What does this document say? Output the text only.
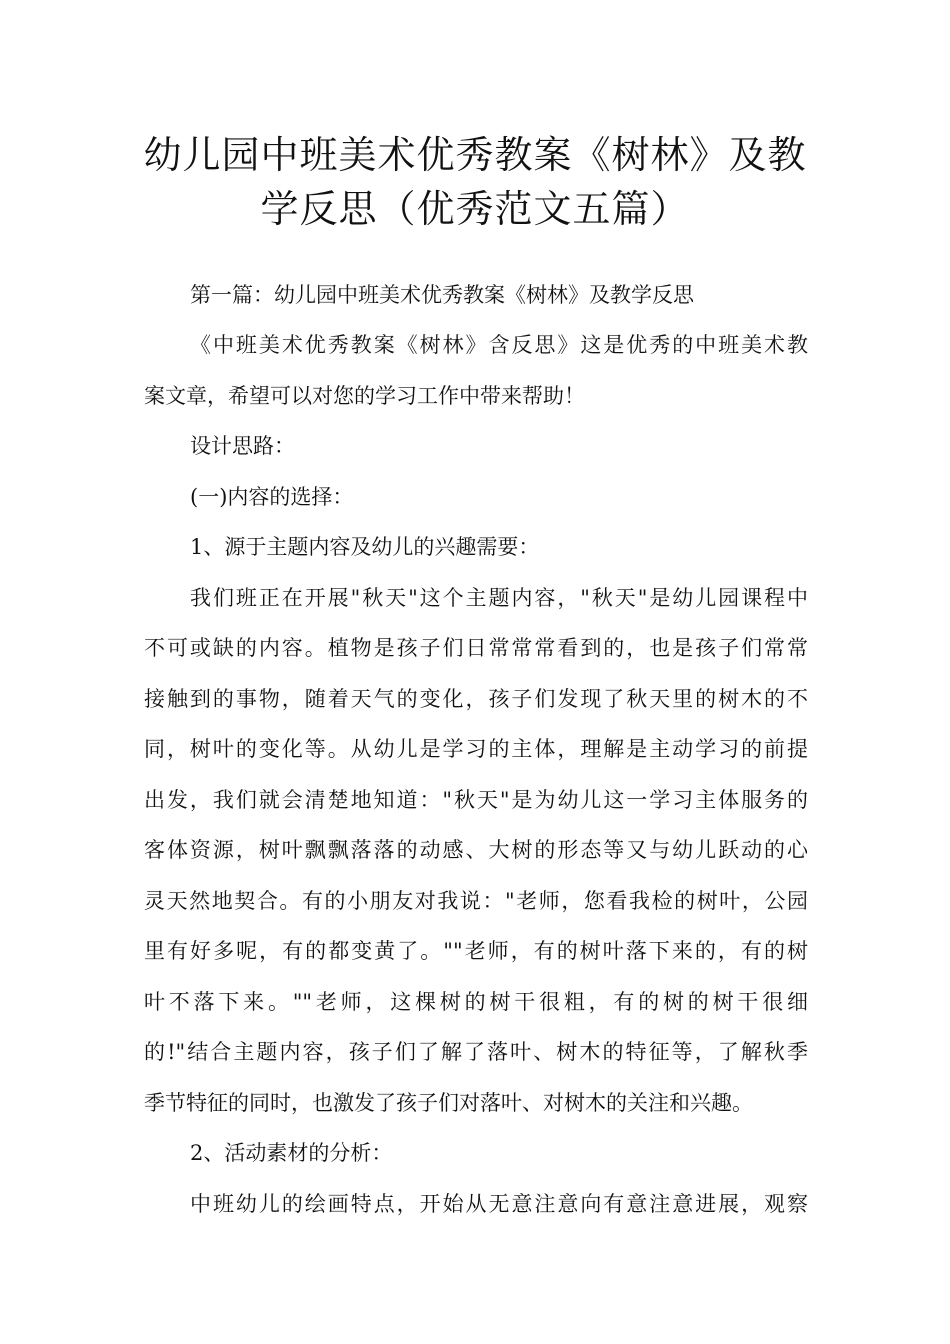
幼儿园中班美术优秀教案《树林》及教
学反思（优秀范文五篇）
第一篇：幼儿园中班美术优秀教案《树林》及教学反思
《中班美术优秀教案《树林》含反思》这是优秀的中班美术教
案文章，希望可以对您的学习工作中带来帮助！
设计思路：
(一)内容的选择：
1、源于主题内容及幼儿的兴趣需要：
我们班正在开展"秋天"这个主题内容，"秋天"是幼儿园课程中
不可或缺的内容。植物是孩子们日常常常看到的，也是孩子们常常
接触到的事物，随着天气的变化，孩子们发现了秋天里的树木的不
同，树叶的变化等。从幼儿是学习的主体，理解是主动学习的前提
出发，我们就会清楚地知道："秋天"是为幼儿这一学习主体服务的
客体资源，树叶飘飘落落的动感、大树的形态等又与幼儿跃动的心
灵天然地契合。有的小朋友对我说："老师，您看我检的树叶，公园
里有好多呢，有的都变黄了。""老师，有的树叶落下来的，有的树
叶不落下来。""老师，这棵树的树干很粗，有的树的树干很细
的!"结合主题内容，孩子们了解了落叶、树木的特征等，了解秋季
季节特征的同时，也激发了孩子们对落叶、对树木的关注和兴趣。
2、活动素材的分析：
中班幼儿的绘画特点，开始从无意注意向有意注意进展，观察
